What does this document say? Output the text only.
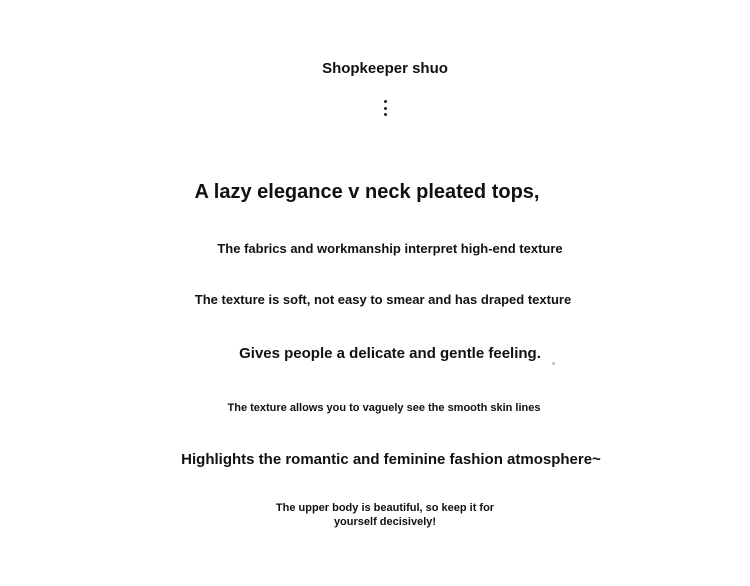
Shopkeeper shuo
A lazy elegance v neck pleated tops,
The fabrics and workmanship interpret high-end texture
The texture is soft, not easy to smear and has draped texture
Gives people a delicate and gentle feeling.
The texture allows you to vaguely see the smooth skin lines
Highlights the romantic and feminine fashion atmosphere~
The upper body is beautiful, so keep it for yourself decisively!
